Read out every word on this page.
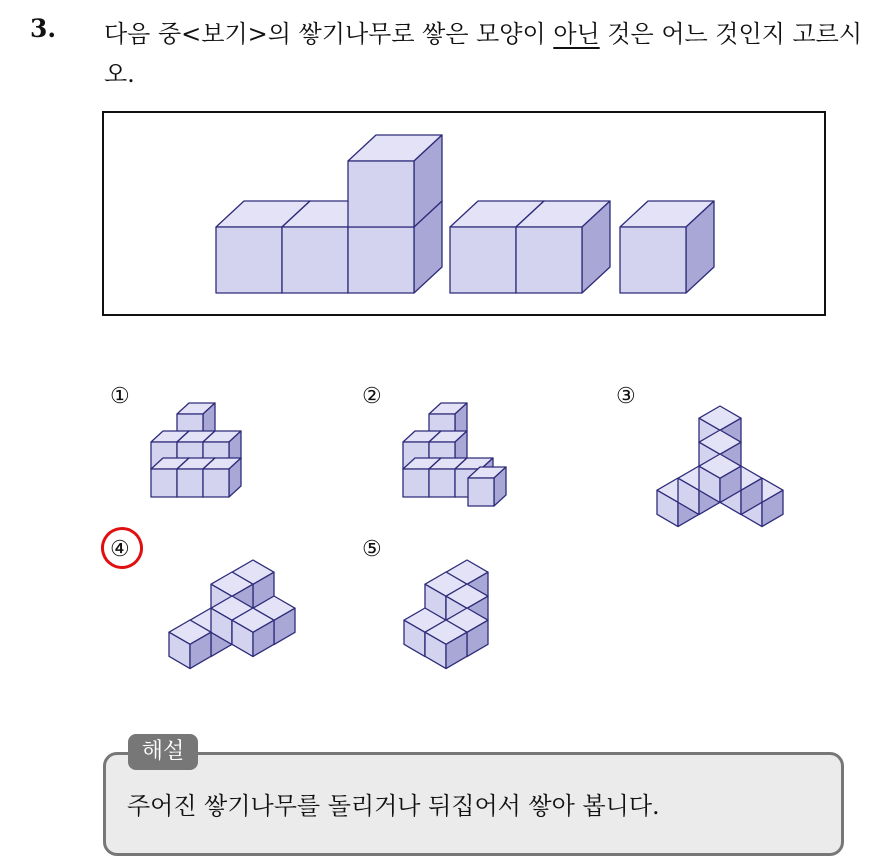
3. 다음 중<보기>의 쌓기나무로 쌓은 모양이 아닌 것은 어느 것인지 고르시오.
①	②	③
④	⑤
해설
주어진 쌓기나무를 돌리거나 뒤집어서 쌓아 봅니다.
